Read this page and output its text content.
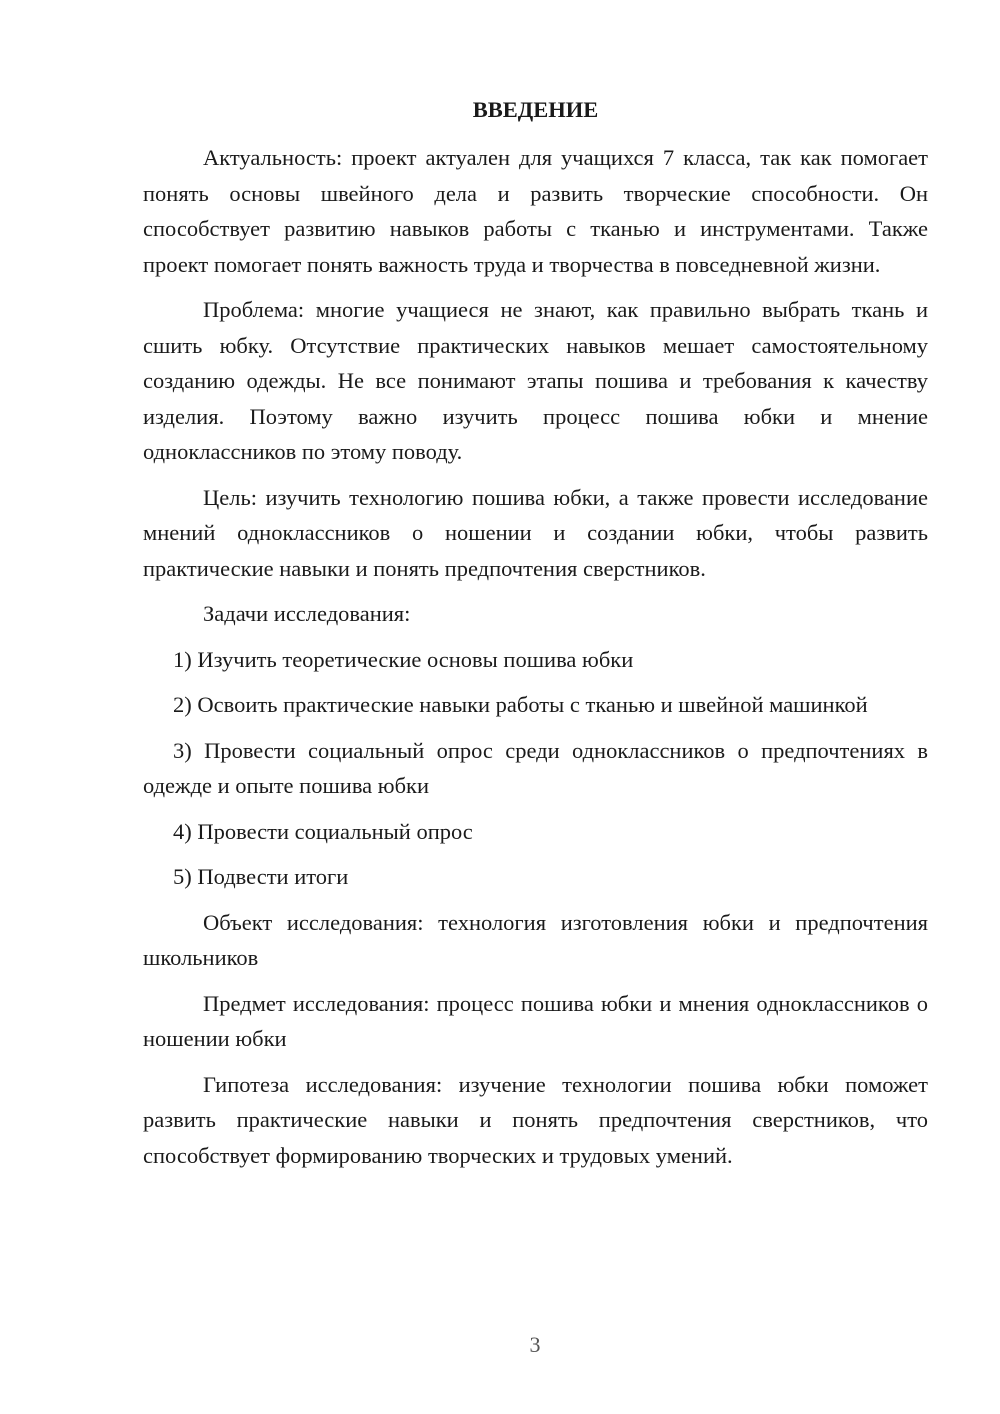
ВВЕДЕНИЕ

Актуальность: проект актуален для учащихся 7 класса, так как помогает понять основы швейного дела и развить творческие способности. Он способствует развитию навыков работы с тканью и инструментами. Также проект помогает понять важность труда и творчества в повседневной жизни.

Проблема: многие учащиеся не знают, как правильно выбрать ткань и сшить юбку. Отсутствие практических навыков мешает самостоятельному созданию одежды. Не все понимают этапы пошива и требования к качеству изделия. Поэтому важно изучить процесс пошива юбки и мнение одноклассников по этому поводу.

Цель: изучить технологию пошива юбки, а также провести исследование мнений одноклассников о ношении и создании юбки, чтобы развить практические навыки и понять предпочтения сверстников.

Задачи исследования:

1) Изучить теоретические основы пошива юбки

2) Освоить практические навыки работы с тканью и швейной машинкой

3) Провести социальный опрос среди одноклассников о предпочтениях в одежде и опыте пошива юбки

4) Провести социальный опрос

5) Подвести итоги

Объект исследования: технология изготовления юбки и предпочтения школьников

Предмет исследования: процесс пошива юбки и мнения одноклассников о ношении юбки

Гипотеза исследования: изучение технологии пошива юбки поможет развить практические навыки и понять предпочтения сверстников, что способствует формированию творческих и трудовых умений.

3
